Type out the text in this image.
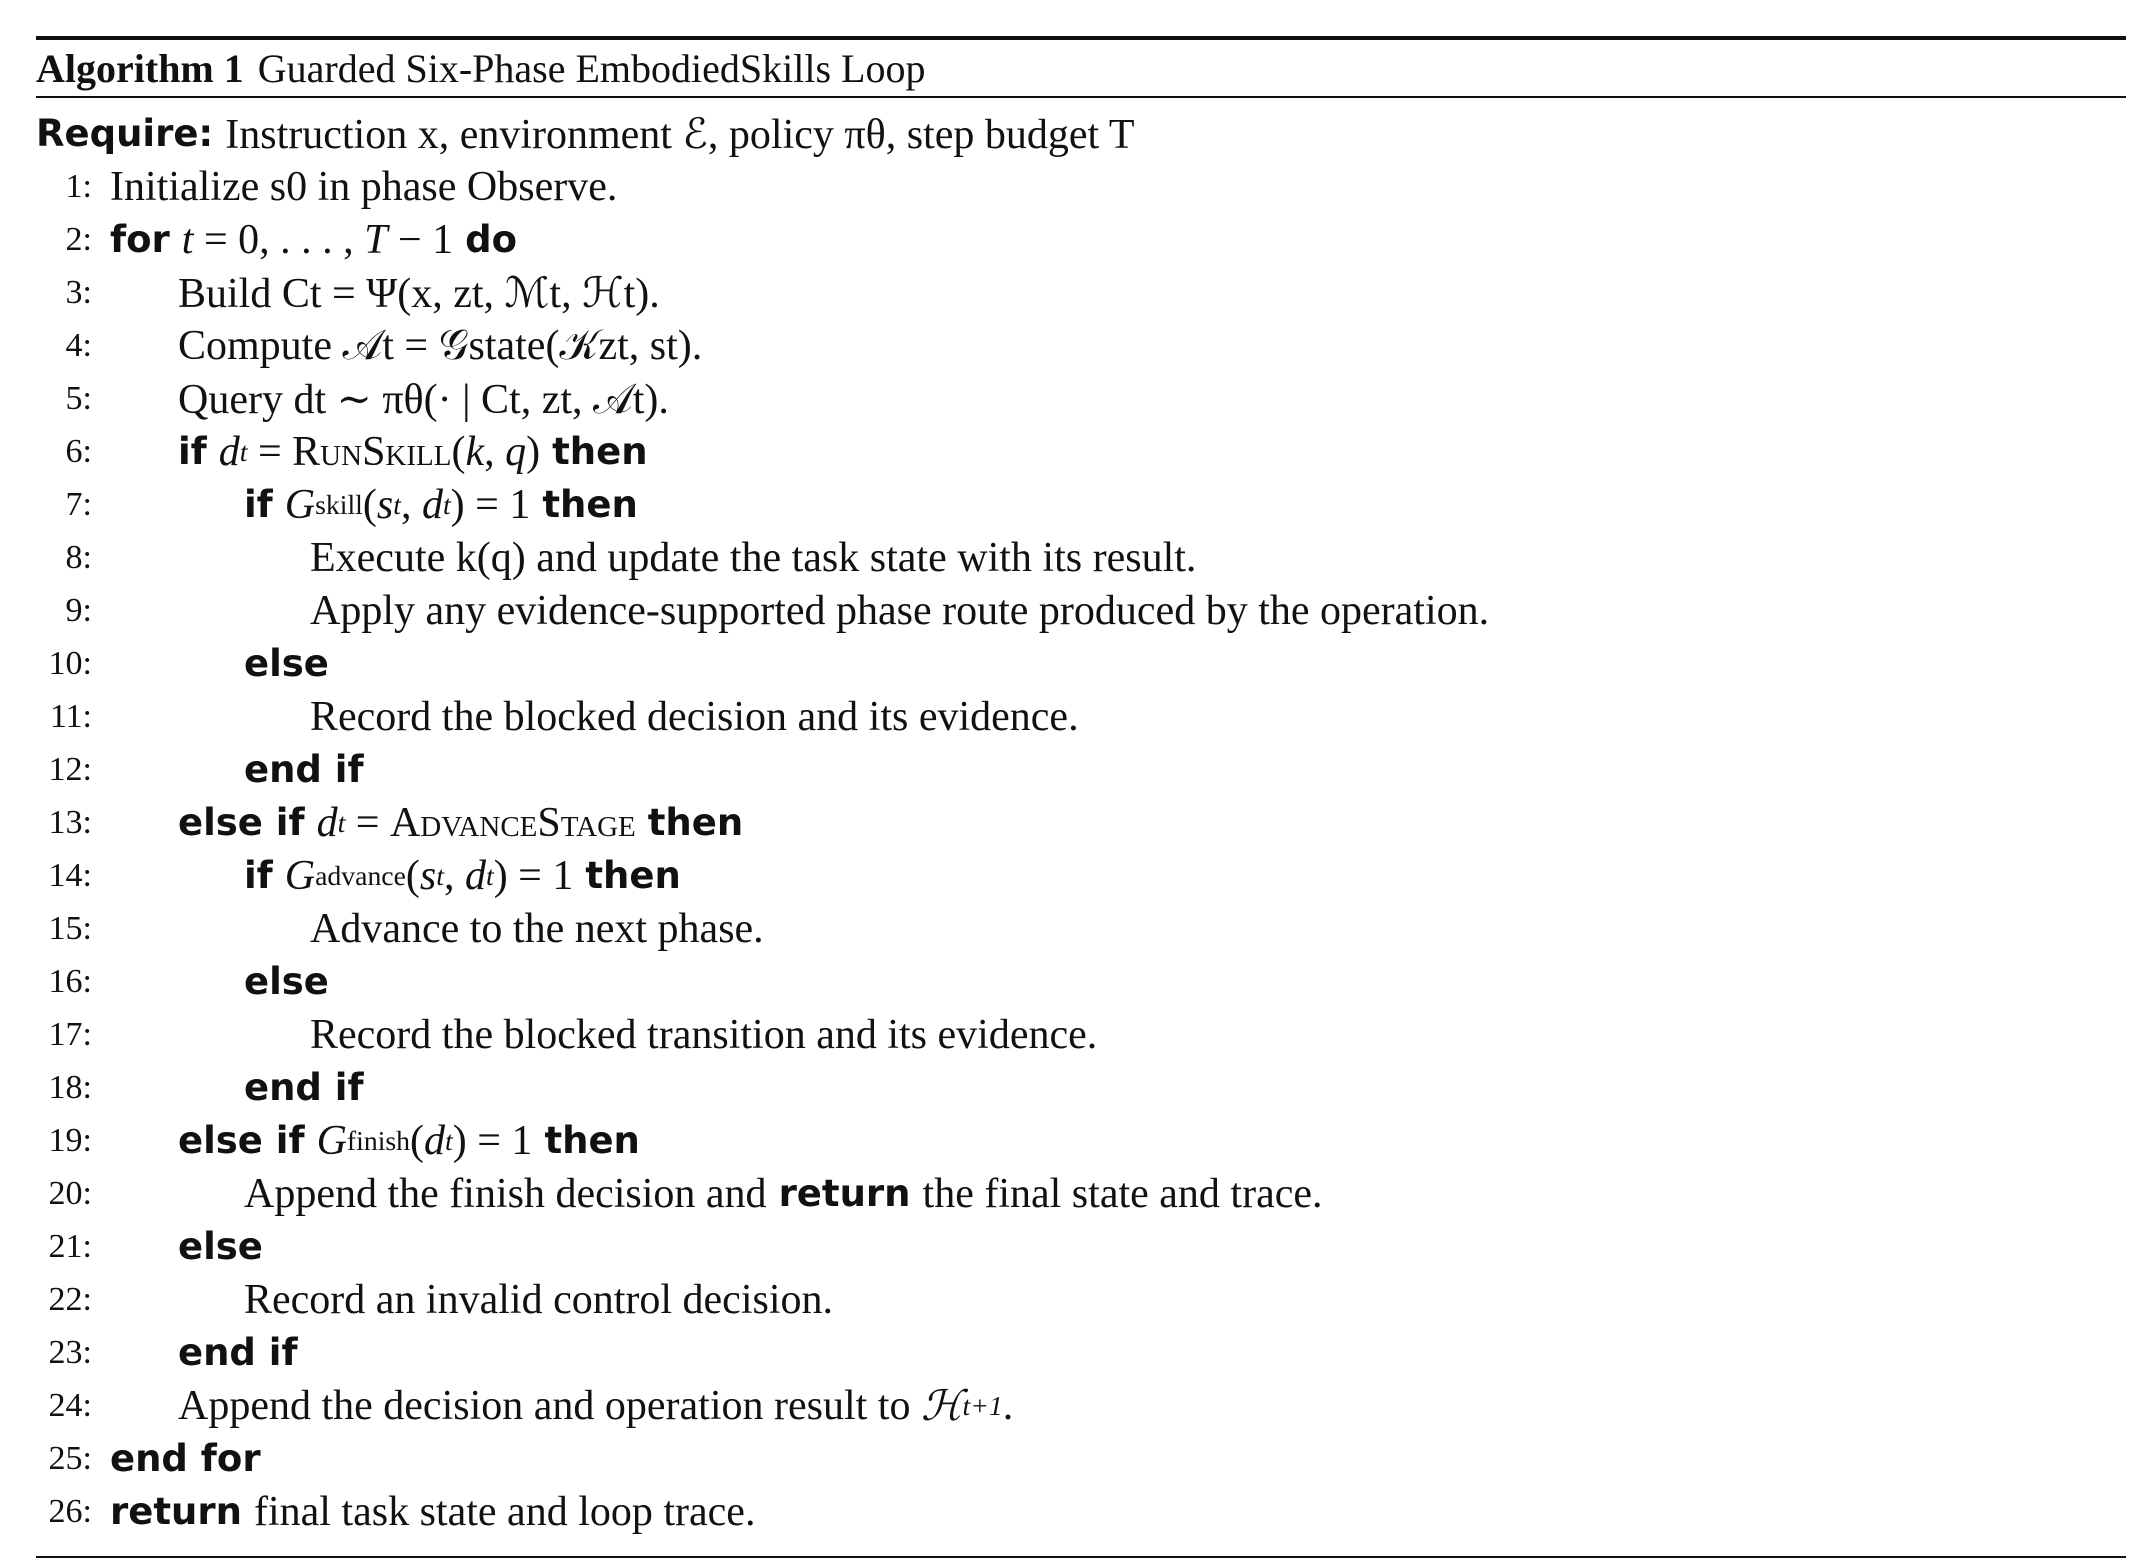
Algorithm 1 Guarded Six-Phase EmbodiedSkills Loop
Require: Instruction x, environment ℰ, policy πθ, step budget T
1: Initialize s0 in phase Observe.
2: for t = 0, . . . , T − 1 do
3: Build Ct = Ψ(x, zt, ℳt, ℋt).
4: Compute 𝒜t = 𝒢state(𝒦zt, st).
5: Query dt ∼ πθ(· | Ct, zt, 𝒜t).
6: if d t = RunSkill ( k , q ) then
7:	if G skill ( s t , d t ) = 1 then
8:	Execute k(q) and update the task state with its result.
9:	Apply any evidence-supported phase route produced by the operation.
10:	else
11:	Record the blocked decision and its evidence.
12:	end if
13: else if d t = AdvanceStage then
14:	if G advance ( s t , d t ) = 1 then
15:	Advance to the next phase.
16:	else
17:	Record the blocked transition and its evidence.
18:	end if
19: else if G finish ( d t ) = 1 then
20:	Append the finish decision and return the final state and trace.
21: else
22:	Record an invalid control decision.
23: end if
24: Append the decision and operation result to
ℋ t+1 .
25: end for
26: return final task state and loop trace.
